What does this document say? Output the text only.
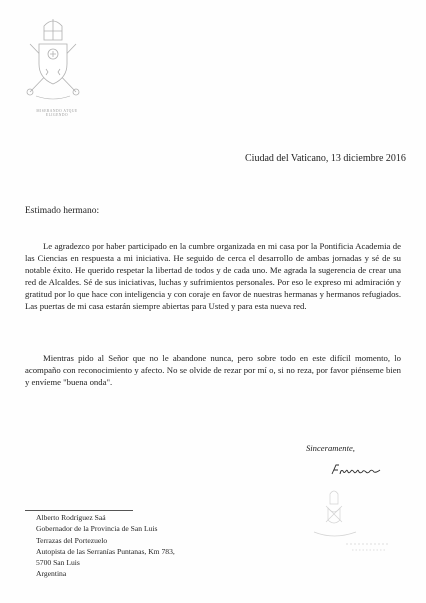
MISERANDO ATQUE ELIGENDO
Ciudad del Vaticano, 13 diciembre 2016
Estimado hermano:

Le agradezco por haber participado en la cumbre organizada en mi casa por la Pontificia Academia de las Ciencias en respuesta a mi iniciativa. He seguido de cerca el desarrollo de ambas jornadas y sé de su notable éxito. He querido respetar la libertad de todos y de cada uno. Me agrada la sugerencia de crear una red de Alcaldes. Sé de sus iniciativas, luchas y sufrimientos personales. Por eso le expreso mi admiración y gratitud por lo que hace con inteligencia y con coraje en favor de nuestras hermanas y hermanos refugiados. Las puertas de mi casa estarán siempre abiertas para Usted y para esta nueva red.

Mientras pido al Señor que no le abandone nunca, pero sobre todo en este difícil momento, lo acompaño con reconocimiento y afecto. No se olvide de rezar por mí o, si no reza, por favor piénseme bien y envíeme "buena onda".

Sinceramente,
Alberto Rodríguez Saá
Gobernador de la Provincia de San Luis
Terrazas del Portezuelo
Autopista de las Serranías Puntanas, Km 783,
5700 San Luis
Argentina
